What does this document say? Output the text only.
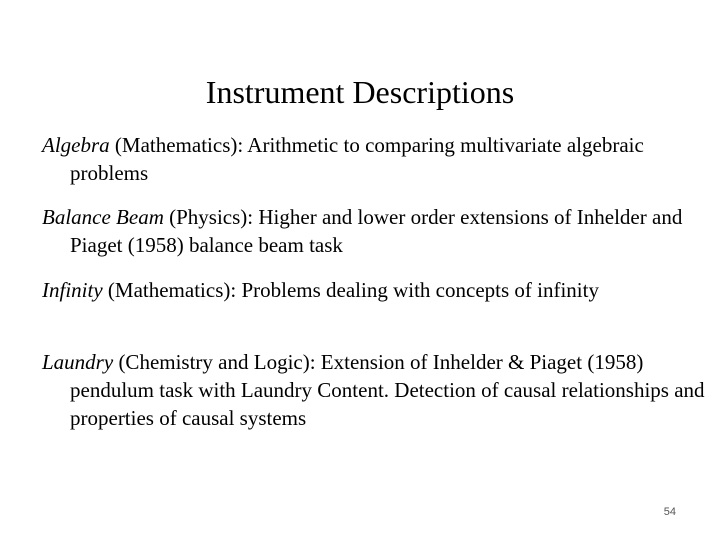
Instrument Descriptions

Algebra (Mathematics): Arithmetic to comparing multivariate algebraic problems

Balance Beam (Physics): Higher and lower order extensions of Inhelder and Piaget (1958) balance beam task

Infinity (Mathematics): Problems dealing with concepts of infinity

Laundry (Chemistry and Logic): Extension of Inhelder & Piaget (1958) pendulum task with Laundry Content. Detection of causal relationships and properties of causal systems

54
